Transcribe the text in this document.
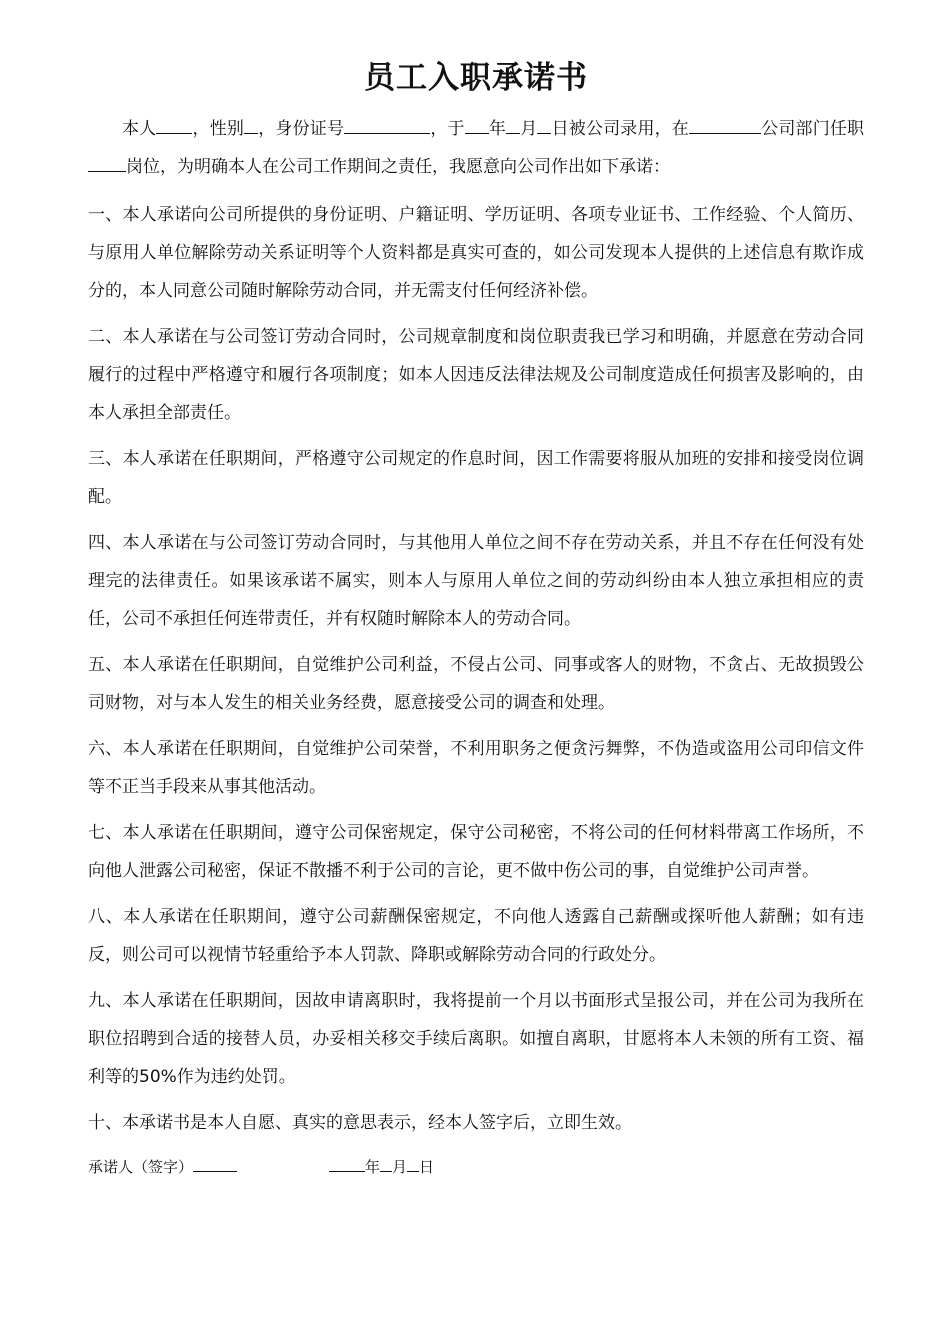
员工入职承诺书

本人 ，性别 ，身份证号	，于 年 月 日被公司录用，在	公司部门任职岗位，为明确本人在公司工作期间之责任，我愿意向公司作出如下承诺：

一、本人承诺向公司所提供的身份证明、户籍证明、学历证明、各项专业证书、工作经验、个人简历、与原用人单位解除劳动关系证明等个人资料都是真实可查的，如公司发现本人提供的上述信息有欺诈成分的，本人同意公司随时解除劳动合同，并无需支付任何经济补偿。

二、本人承诺在与公司签订劳动合同时，公司规章制度和岗位职责我已学习和明确，并愿意在劳动合同履行的过程中严格遵守和履行各项制度；如本人因违反法律法规及公司制度造成任何损害及影响的，由本人承担全部责任。

三、本人承诺在任职期间，严格遵守公司规定的作息时间，因工作需要将服从加班的安排和接受岗位调配。

四、本人承诺在与公司签订劳动合同时，与其他用人单位之间不存在劳动关系，并且不存在任何没有处理完的法律责任。如果该承诺不属实，则本人与原用人单位之间的劳动纠纷由本人独立承担相应的责任，公司不承担任何连带责任，并有权随时解除本人的劳动合同。

五、本人承诺在任职期间，自觉维护公司利益，不侵占公司、同事或客人的财物，不贪占、无故损毁公司财物，对与本人发生的相关业务经费，愿意接受公司的调查和处理。

六、本人承诺在任职期间，自觉维护公司荣誉，不利用职务之便贪污舞弊，不伪造或盗用公司印信文件等不正当手段来从事其他活动。

七、本人承诺在任职期间，遵守公司保密规定，保守公司秘密，不将公司的任何材料带离工作场所，不向他人泄露公司秘密，保证不散播不利于公司的言论，更不做中伤公司的事，自觉维护公司声誉。

八、本人承诺在任职期间，遵守公司薪酬保密规定，不向他人透露自己薪酬或探听他人薪酬；如有违反，则公司可以视情节轻重给予本人罚款、降职或解除劳动合同的行政处分。

九、本人承诺在任职期间，因故申请离职时，我将提前一个月以书面形式呈报公司，并在公司为我所在职位招聘到合适的接替人员，办妥相关移交手续后离职。如擅自离职，甘愿将本人未领的所有工资、福利等的50%作为违约处罚。

十、本承诺书是本人自愿、真实的意思表示，经本人签字后，立即生效。

承诺人（签字）	年 月 日
